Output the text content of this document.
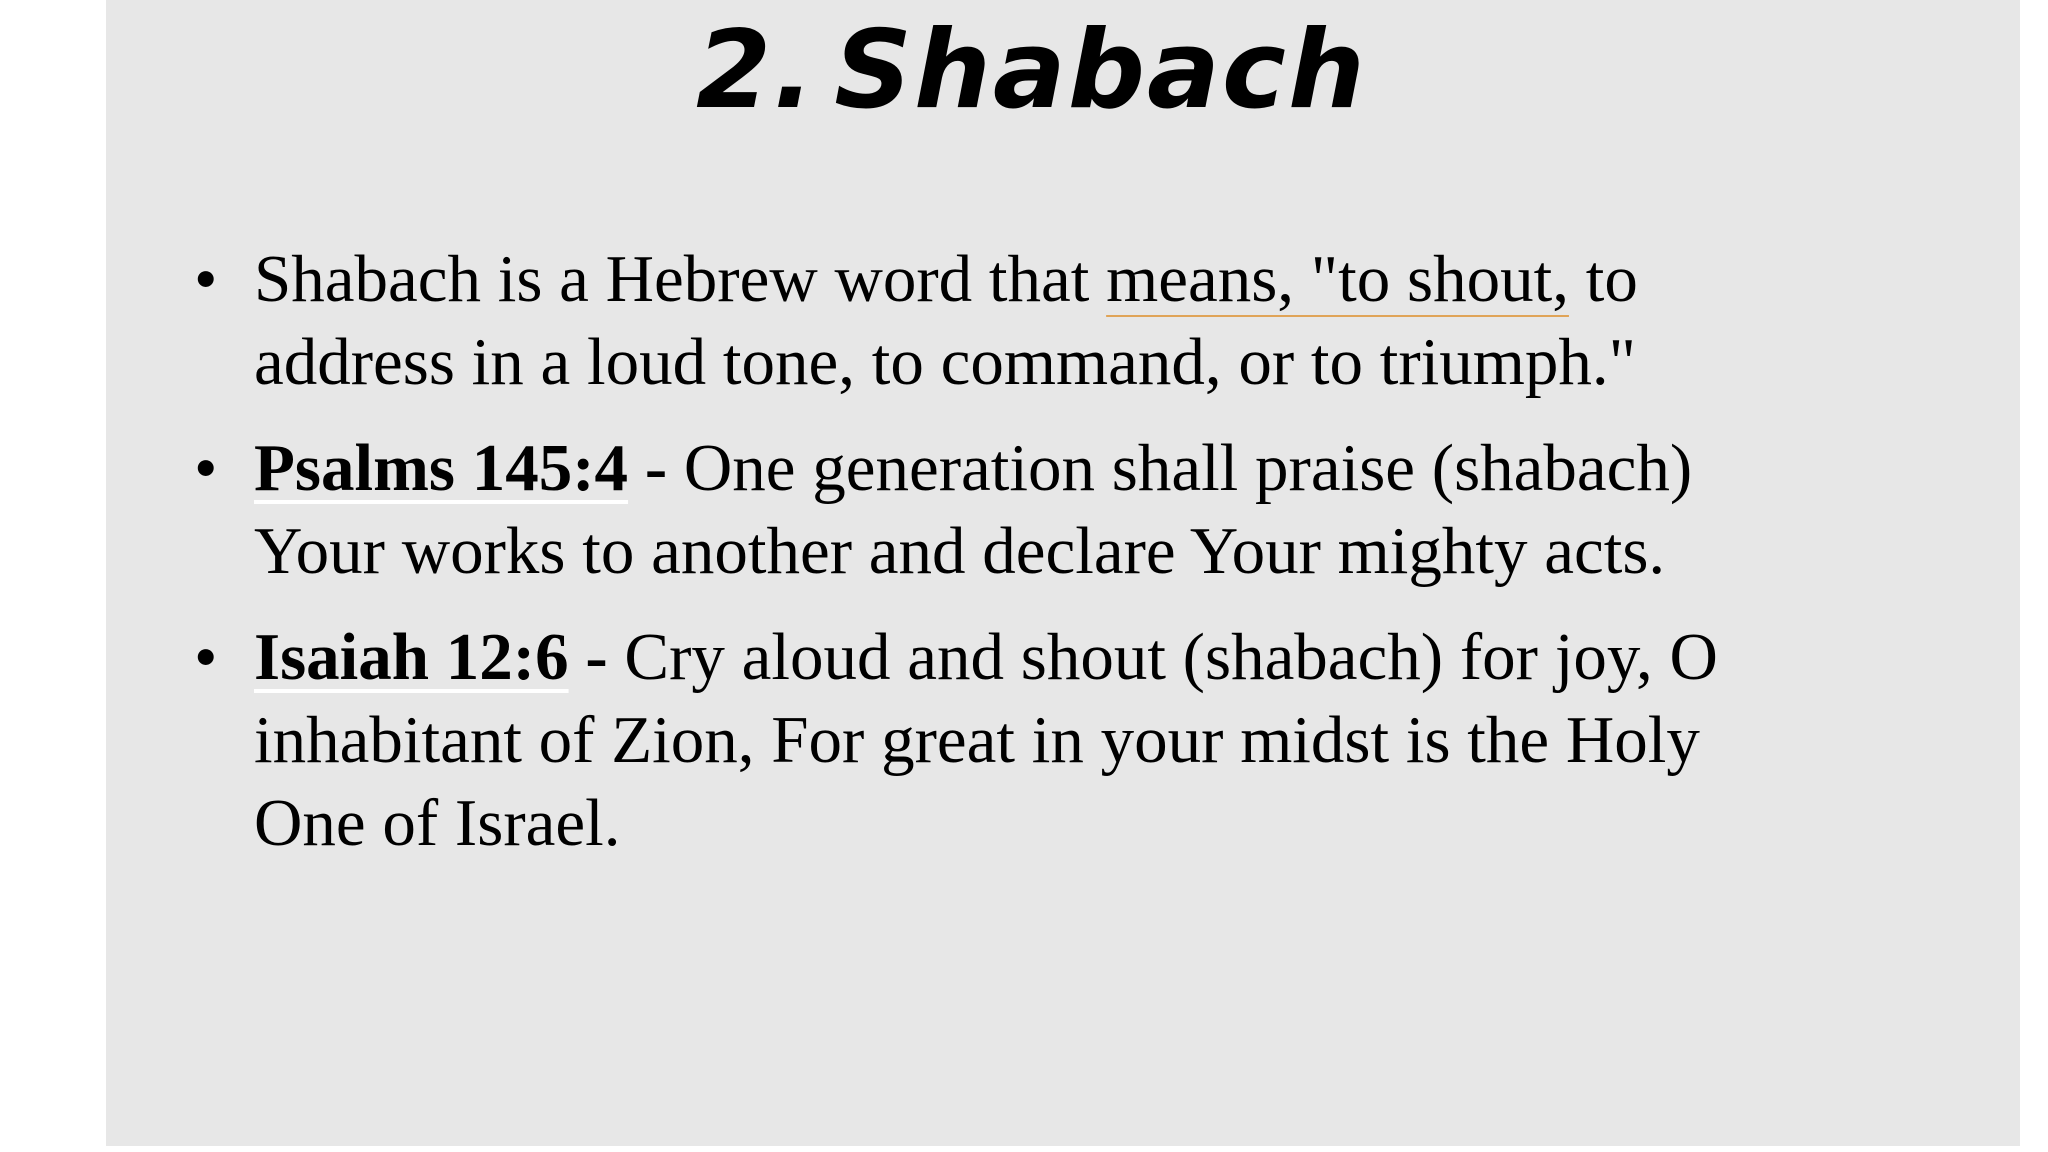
2. Shabach
• Shabach is a Hebrew word that means, "to shout, to address in a loud tone, to command, or to triumph."
• Psalms 145:4 - One generation shall praise (shabach) Your works to another and declare Your mighty acts.
• Isaiah 12:6 - Cry aloud and shout (shabach) for joy, O inhabitant of Zion, For great in your midst is the Holy One of Israel.
